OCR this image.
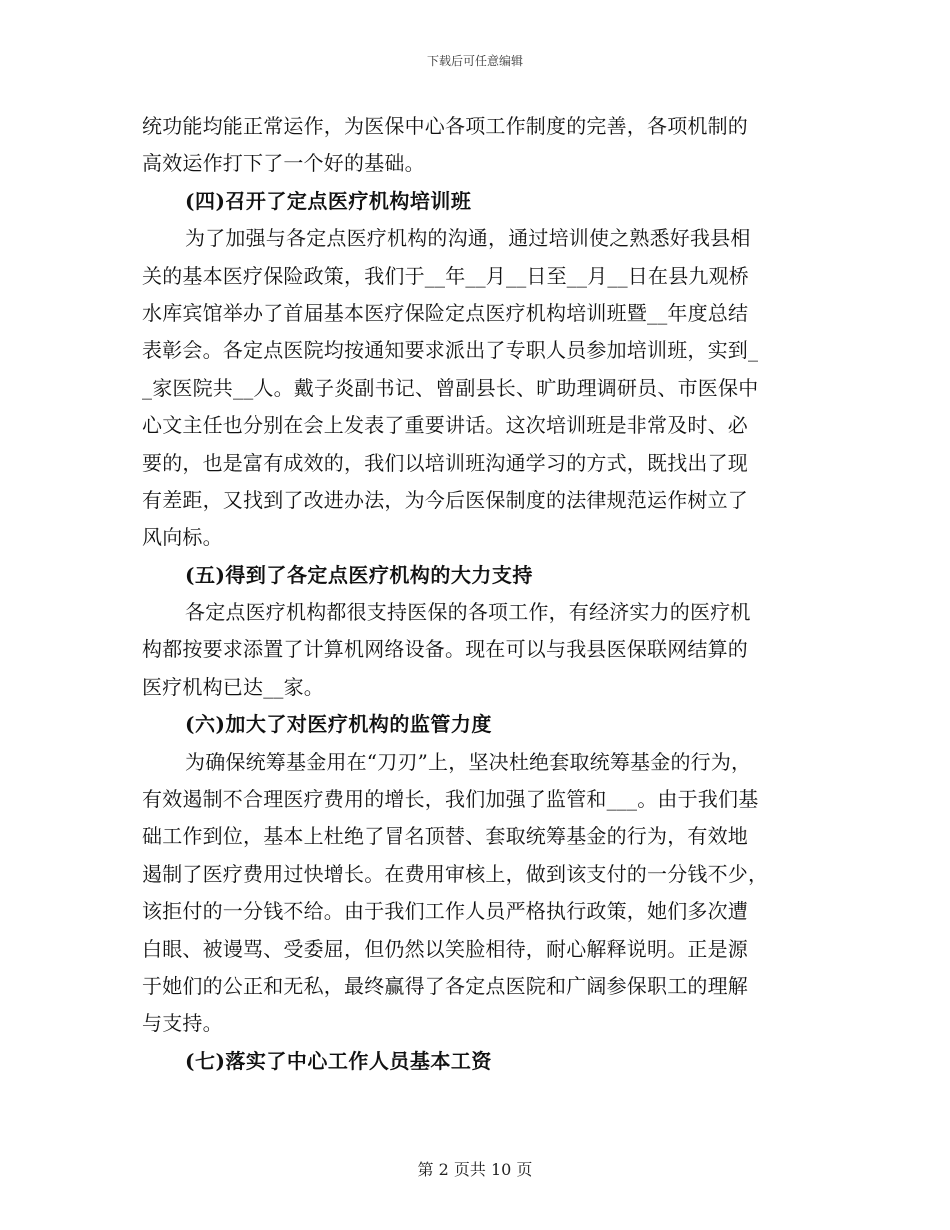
下载后可任意编辑
统功能均能正常运作，为医保中心各项工作制度的完善，各项机制的
高效运作打下了一个好的基础。
(四)召开了定点医疗机构培训班
为了加强与各定点医疗机构的沟通，通过培训使之熟悉好我县相
关的基本医疗保险政策，我们于__年__月__日至__月__日在县九观桥
水库宾馆举办了首届基本医疗保险定点医疗机构培训班暨__年度总结
表彰会。各定点医院均按通知要求派出了专职人员参加培训班，实到_
_家医院共__人。戴子炎副书记、曾副县长、旷助理调研员、市医保中
心文主任也分别在会上发表了重要讲话。这次培训班是非常及时、必
要的，也是富有成效的，我们以培训班沟通学习的方式，既找出了现
有差距，又找到了改进办法，为今后医保制度的法律规范运作树立了
风向标。
(五)得到了各定点医疗机构的大力支持
各定点医疗机构都很支持医保的各项工作，有经济实力的医疗机
构都按要求添置了计算机网络设备。现在可以与我县医保联网结算的
医疗机构已达__家。
(六)加大了对医疗机构的监管力度
为确保统筹基金用在“刀刃”上，坚决杜绝套取统筹基金的行为，
有效遏制不合理医疗费用的增长，我们加强了监管和___。由于我们基
础工作到位，基本上杜绝了冒名顶替、套取统筹基金的行为，有效地
遏制了医疗费用过快增长。在费用审核上，做到该支付的一分钱不少，
该拒付的一分钱不给。由于我们工作人员严格执行政策，她们多次遭
白眼、被谩骂、受委屈，但仍然以笑脸相待，耐心解释说明。正是源
于她们的公正和无私，最终赢得了各定点医院和广阔参保职工的理解
与支持。
(七)落实了中心工作人员基本工资
第 2 页共 10 页
